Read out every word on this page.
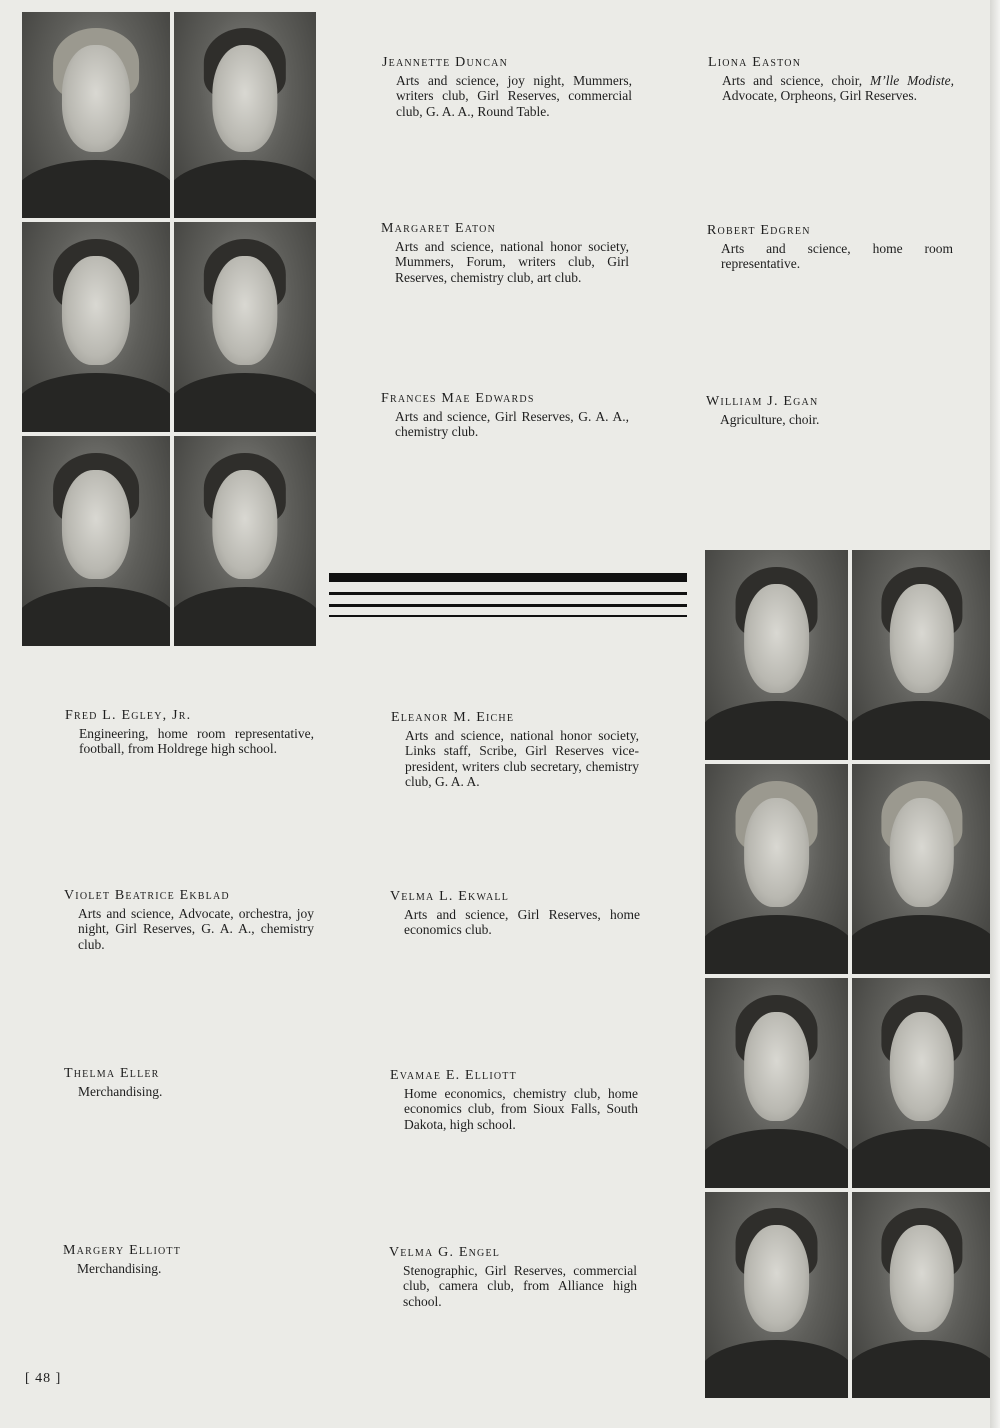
Jeannette Duncan
Arts and science, joy night, Mummers, writers club, Girl Reserves, commercial club, G. A. A., Round Table.
Liona Easton
Arts and science, choir, M’lle Modiste, Advocate, Orpheons, Girl Reserves.
Margaret Eaton
Arts and science, national honor society, Mummers, Forum, writers club, Girl Reserves, chemistry club, art club.
Robert Edgren
Arts and science, home room representative.
Frances Mae Edwards
Arts and science, Girl Reserves, G. A. A., chemistry club.
William J. Egan
Agriculture, choir.
Fred L. Egley, Jr.
Engineering, home room representative, football, from Holdrege high school.
Eleanor M. Eiche
Arts and science, national honor society, Links staff, Scribe, Girl Reserves vice-president, writers club secretary, chemistry club, G. A. A.
Violet Beatrice Ekblad
Arts and science, Advocate, orchestra, joy night, Girl Reserves, G. A. A., chemistry club.
Velma L. Ekwall
Arts and science, Girl Reserves, home economics club.
Thelma Eller
Merchandising.
Evamae E. Elliott
Home economics, chemistry club, home economics club, from Sioux Falls, South Dakota, high school.
Margery Elliott
Merchandising.
Velma G. Engel
Stenographic, Girl Reserves, commercial club, camera club, from Alliance high school.
[ 48 ]
